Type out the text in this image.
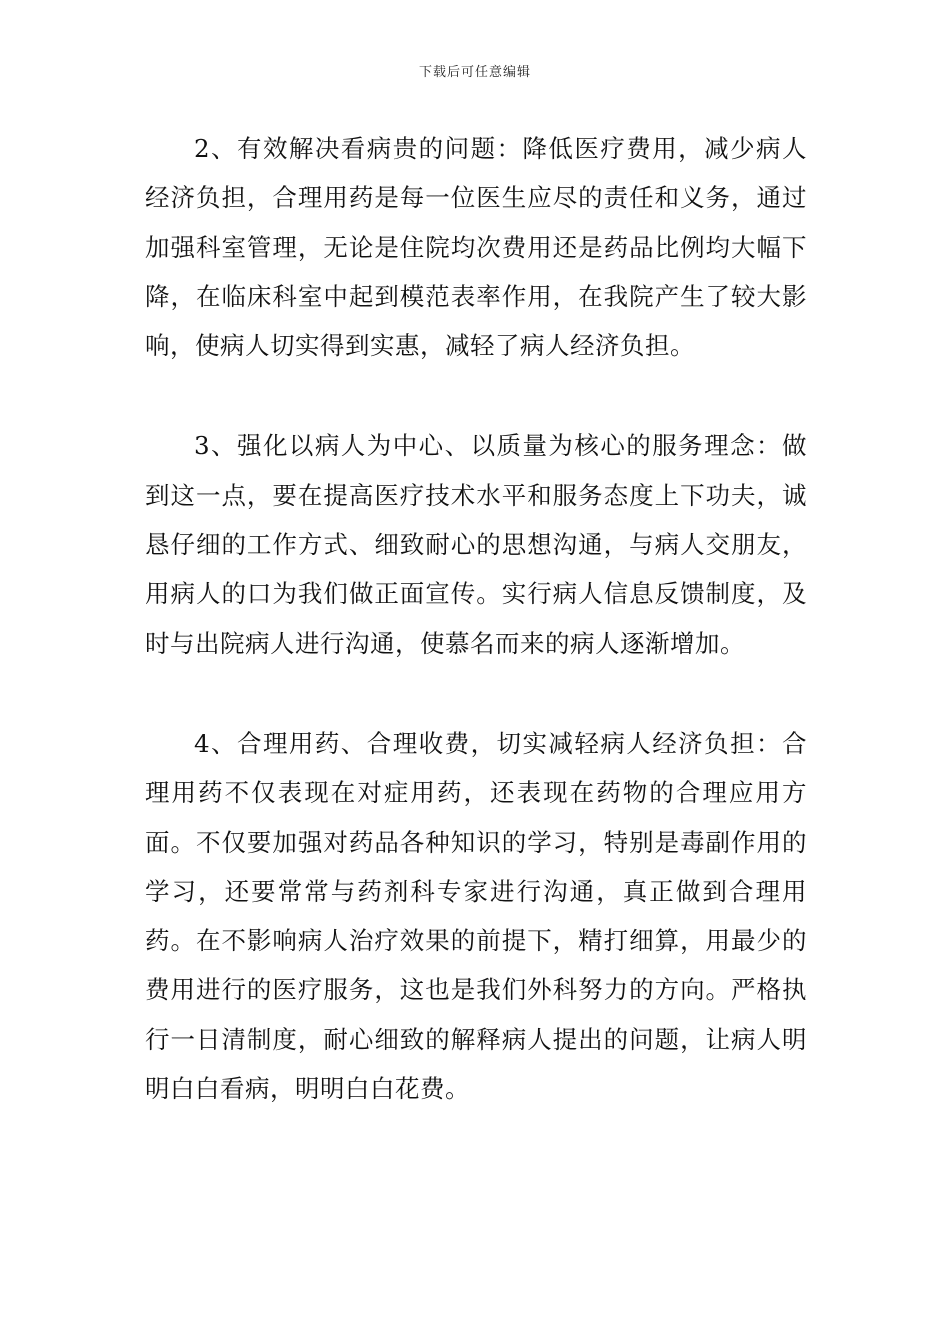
下载后可任意编辑

2、有效解决看病贵的问题：降低医疗费用，减少病人经济负担，合理用药是每一位医生应尽的责任和义务，通过加强科室管理，无论是住院均次费用还是药品比例均大幅下降，在临床科室中起到模范表率作用，在我院产生了较大影响，使病人切实得到实惠，减轻了病人经济负担。

3、强化以病人为中心、以质量为核心的服务理念：做到这一点，要在提高医疗技术水平和服务态度上下功夫，诚恳仔细的工作方式、细致耐心的思想沟通，与病人交朋友，用病人的口为我们做正面宣传。实行病人信息反馈制度，及时与出院病人进行沟通，使慕名而来的病人逐渐增加。

4、合理用药、合理收费，切实减轻病人经济负担：合理用药不仅表现在对症用药，还表现在药物的合理应用方面。不仅要加强对药品各种知识的学习，特别是毒副作用的学习，还要常常与药剂科专家进行沟通，真正做到合理用药。在不影响病人治疗效果的前提下，精打细算，用最少的费用进行的医疗服务，这也是我们外科努力的方向。严格执行一日清制度，耐心细致的解释病人提出的问题，让病人明明白白看病，明明白白花费。
